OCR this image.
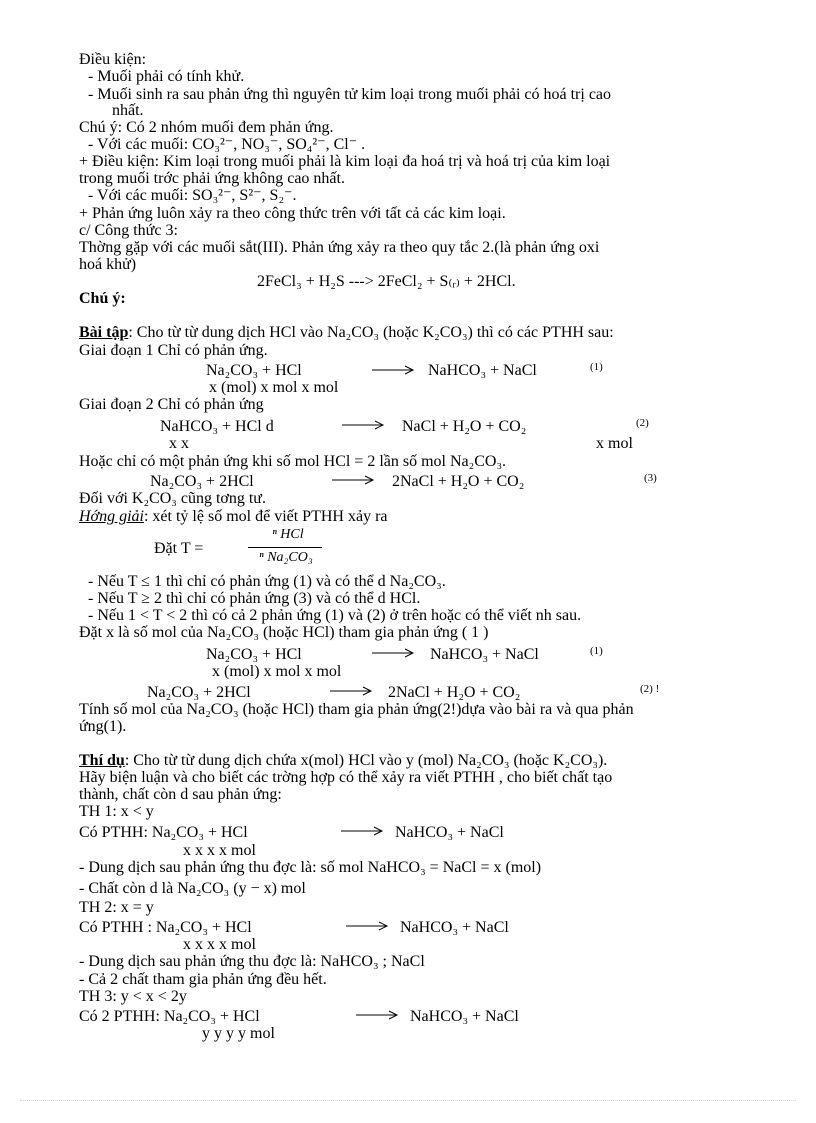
Điều kiện:
- Muối phải có tính khử.
- Muối sinh ra sau phản ứng thì nguyên tử kim loại trong muối phải có hoá trị cao
nhất.
Chú ý: Có 2 nhóm muối đem phản ứng.
- Với các muối: CO₃²⁻, NO₃⁻, SO₄²⁻, Cl⁻ .
+ Điều kiện: Kim loại trong muối phải là kim loại đa hoá trị và hoá trị của kim loại
trong muối trớc phải ứng không cao nhất.
- Với các muối: SO₃²⁻, S²⁻, S₂⁻.
+ Phản ứng luôn xảy ra theo công thức trên với tất cả các kim loại.
c/ Công thức 3:
Thờng gặp với các muối sắt(III). Phản ứng xảy ra theo quy tắc 2.(là phản ứng oxi
hoá khử)
2FeCl₃ + H₂S ---> 2FeCl₂ + S₍ᵣ₎ + 2HCl.
Chú ý:
Bài tập: Cho từ từ dung dịch HCl vào Na₂CO₃ (hoặc K₂CO₃) thì có các PTHH sau:
Giai đoạn 1 Chỉ có phản ứng.
Na₂CO₃ + HCl	NaHCO₃ + NaCl	(1)
x (mol) x mol x mol
Giai đoạn 2 Chỉ có phản ứng
NaHCO₃ + HCl d	NaCl + H₂O + CO₂	(2)
x x	x mol
Hoặc chỉ có một phản ứng khi số mol HCl = 2 lần số mol Na₂CO₃.
Na₂CO₃ + 2HCl	2NaCl + H₂O + CO₂	(3)
Đối với K₂CO₃ cũng tơng tư.
Hớng giải: xét tỷ lệ số mol để viết PTHH xảy ra
Đặt T =
ⁿ HCl
ⁿ Na₂CO₃
- Nếu T ≤ 1 thì chỉ có phản ứng (1) và có thể d Na₂CO₃.
- Nếu T ≥ 2 thì chỉ có phản ứng (3) và có thể d HCl.
- Nếu 1 < T < 2 thì có cả 2 phản ứng (1) và (2) ở trên hoặc có thể viết nh sau.
Đặt x là số mol của Na₂CO₃ (hoặc HCl) tham gia phản ứng ( 1 )
Na₂CO₃ + HCl	NaHCO₃ + NaCl	(1)
x (mol) x mol x mol
Na₂CO₃ + 2HCl	2NaCl + H₂O + CO₂	(2) !
Tính số mol của Na₂CO₃ (hoặc HCl) tham gia phản ứng(2!)dựa vào bài ra và qua phản
ứng(1).
Thí dụ: Cho từ từ dung dịch chứa x(mol) HCl vào y (mol) Na₂CO₃ (hoặc K₂CO₃).
Hãy biện luận và cho biết các trờng hợp có thể xảy ra viết PTHH , cho biết chất tạo
thành, chất còn d sau phản ứng:
TH 1: x < y
Có PTHH: Na₂CO₃ + HCl	NaHCO₃ + NaCl
x x x x mol
- Dung dịch sau phản ứng thu đợc là: số mol NaHCO₃ = NaCl = x (mol)
- Chất còn d là Na₂CO₃ (y − x) mol
TH 2: x = y
Có PTHH : Na₂CO₃ + HCl	NaHCO₃ + NaCl
x x x x mol
- Dung dịch sau phản ứng thu đợc là: NaHCO₃ ; NaCl
- Cả 2 chất tham gia phản ứng đều hết.
TH 3: y < x < 2y
Có 2 PTHH: Na₂CO₃ + HCl	NaHCO₃ + NaCl
y y y y mol
